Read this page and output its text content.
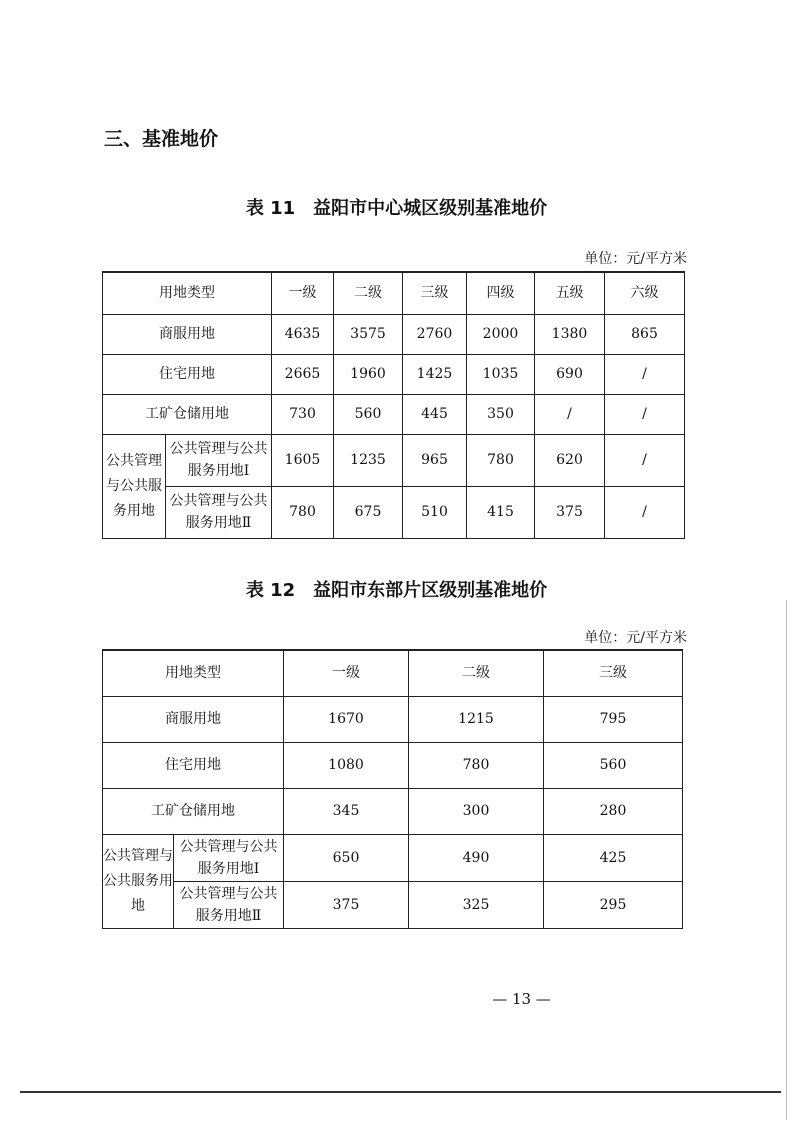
三、基准地价
表 11　益阳市中心城区级别基准地价
单位：元/平方米
用地类型		一级	二级	三级	四级	五级	六级
商服用地		4635	3575	2760	2000	1380	865
住宅用地		2665	1960	1425	1035	690	/
工矿仓储用地		730	560	445	350	/	/
公共管理与公共服务用地	公共管理与公共服务用地Ⅰ	1605	1235	965	780	620	/
	公共管理与公共服务用地Ⅱ	780	675	510	415	375	/
表 12　益阳市东部片区级别基准地价
单位：元/平方米
用地类型		一级	二级	三级
商服用地		1670	1215	795
住宅用地		1080	780	560
工矿仓储用地		345	300	280
公共管理与公共服务用地	公共管理与公共服务用地Ⅰ	650	490	425
	公共管理与公共服务用地Ⅱ	375	325	295
— 13 —
